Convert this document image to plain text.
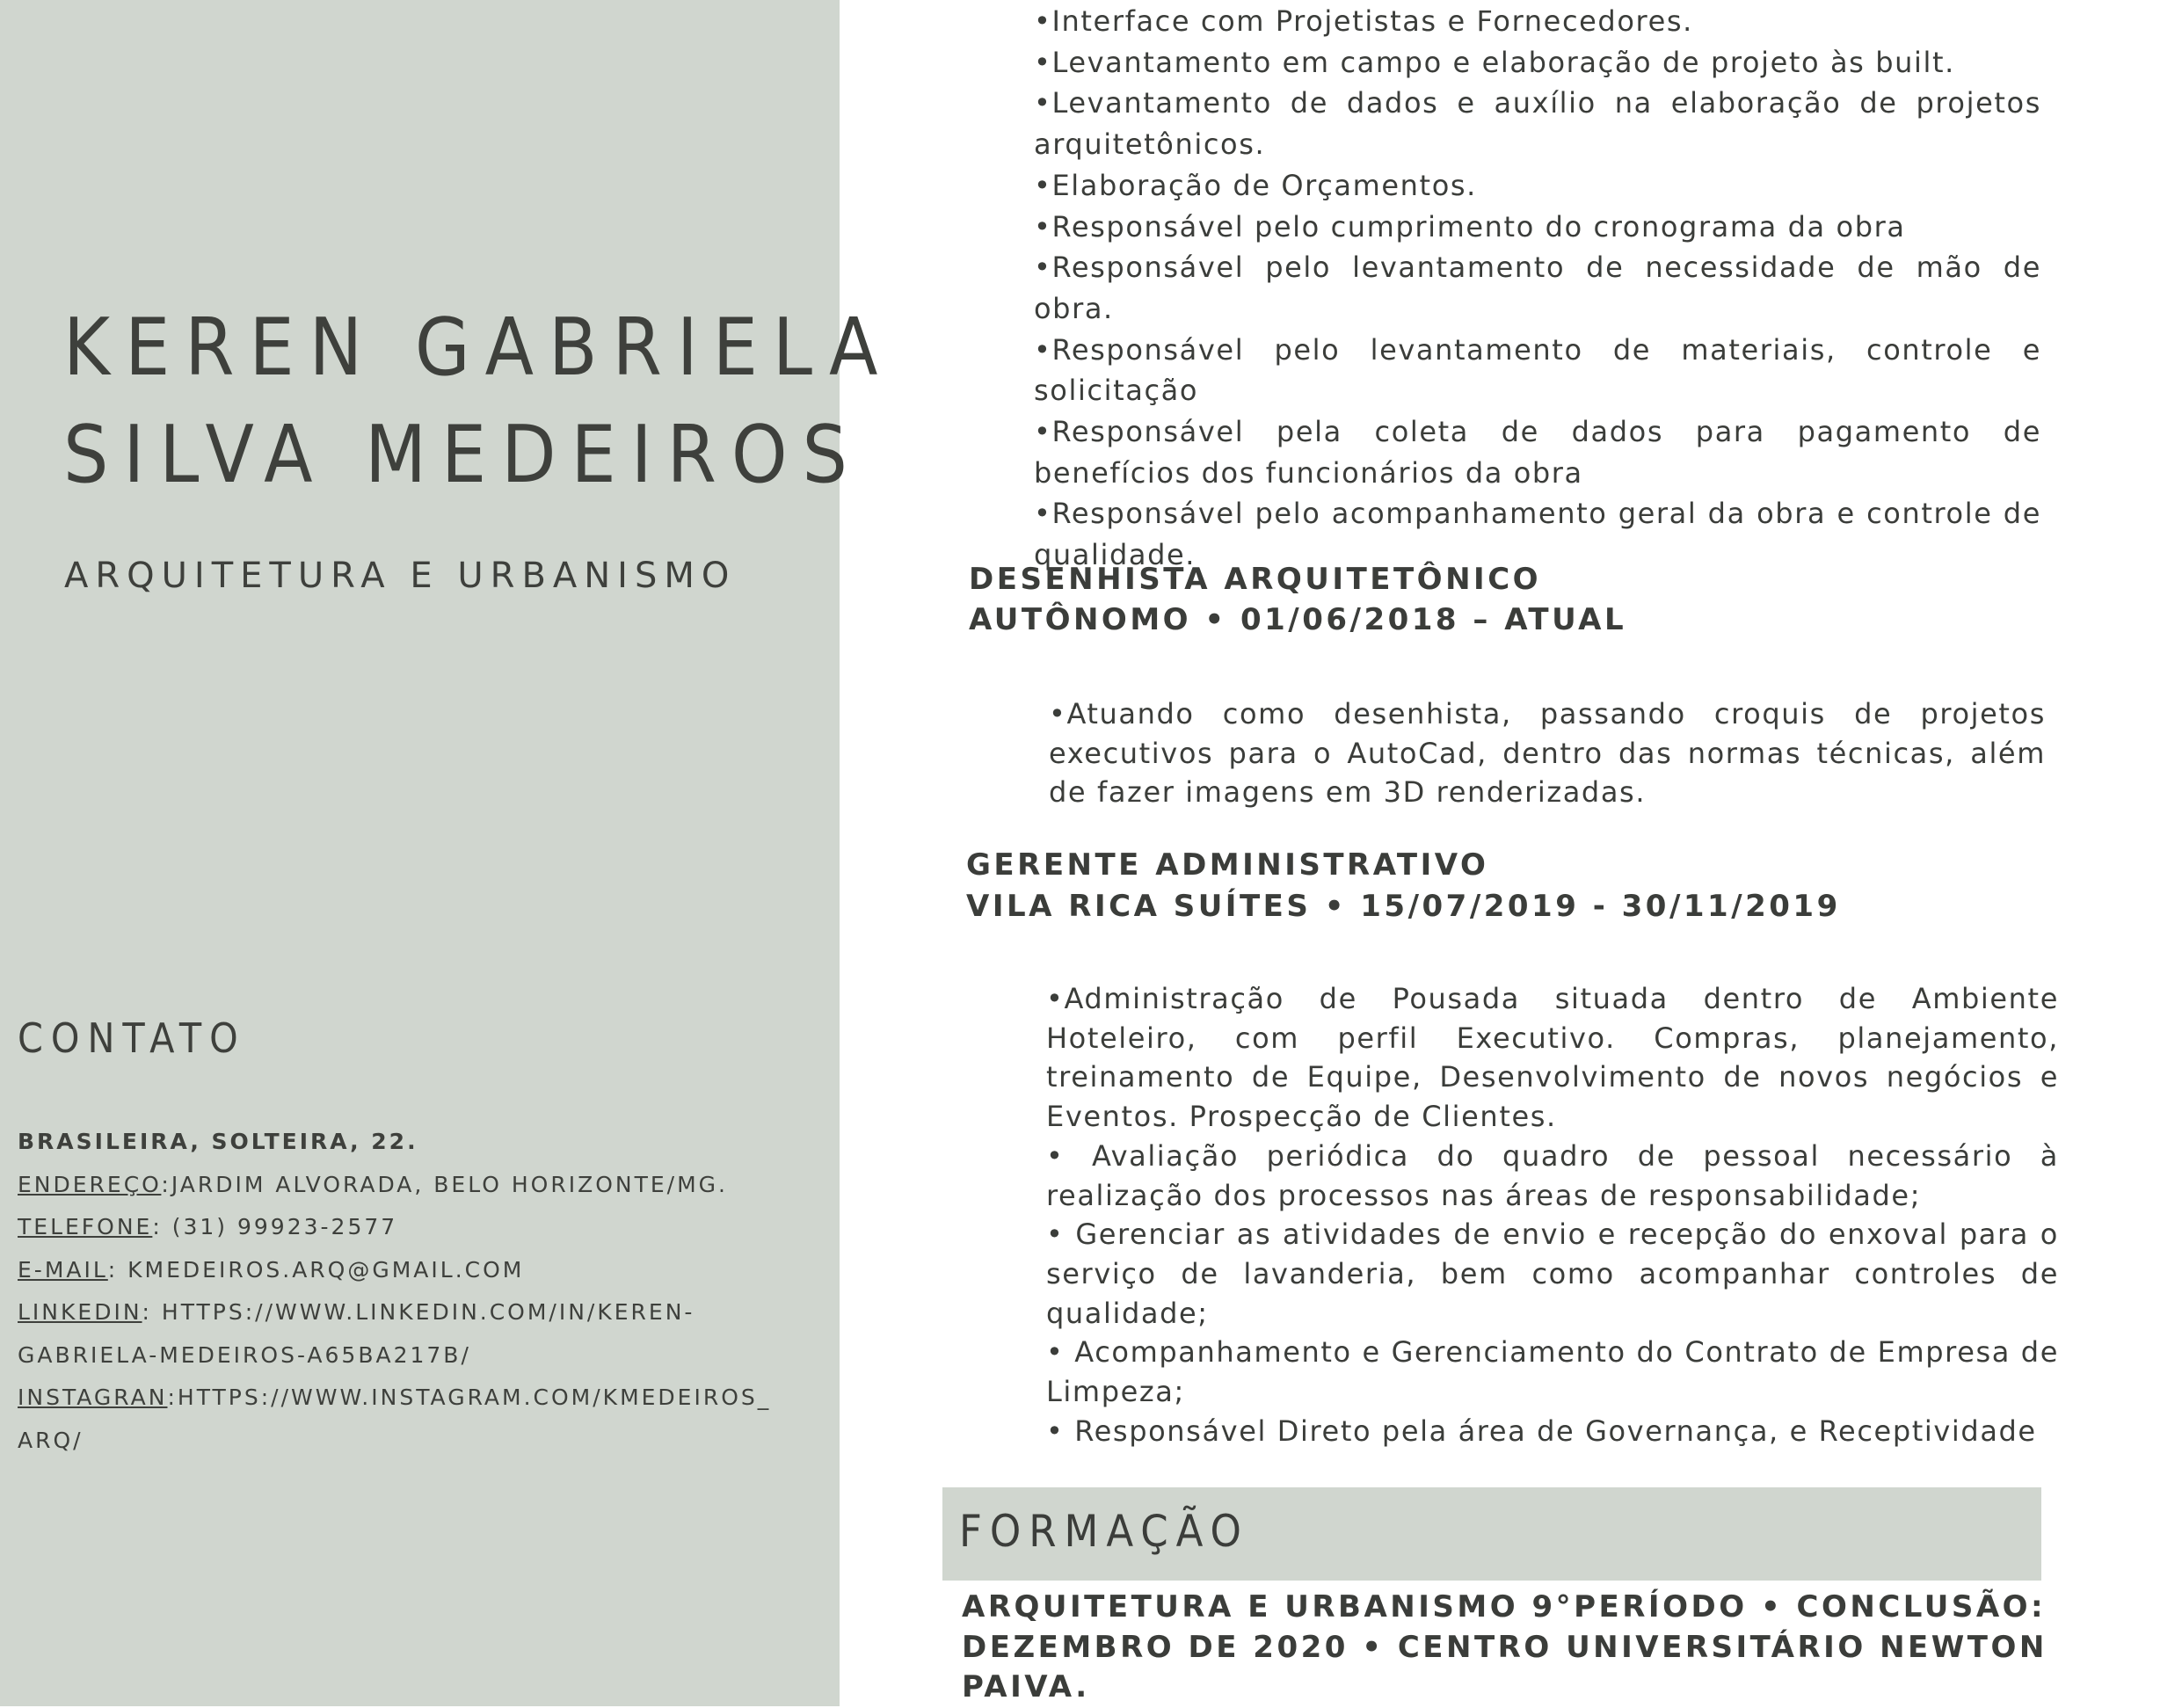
KEREN GABRIELA
SILVA MEDEIROS
ARQUITETURA E URBANISMO
CONTATO
BRASILEIRA, SOLTEIRA, 22.
ENDEREÇO:JARDIM ALVORADA, BELO HORIZONTE/MG.
TELEFONE: (31) 99923-2577
E-MAIL: KMEDEIROS.ARQ@GMAIL.COM
LINKEDIN: HTTPS://WWW.LINKEDIN.COM/IN/KEREN-
GABRIELA-MEDEIROS-A65BA217B/
INSTAGRAN:HTTPS://WWW.INSTAGRAM.COM/KMEDEIROS_
ARQ/

•Interface com Projetistas e Fornecedores.

•Levantamento em campo e elaboração de projeto às built.

•Levantamento de dados e auxílio na elaboração de projetos arquitetônicos.

•Elaboração de Orçamentos.

•Responsável pelo cumprimento do cronograma da obra

•Responsável pelo levantamento de necessidade de mão de obra.

•Responsável pelo levantamento de materiais, controle e solicitação

•Responsável pela coleta de dados para pagamento de benefícios dos funcionários da obra

•Responsável pelo acompanhamento geral da obra e controle de qualidade.

DESENHISTA ARQUITETÔNICO
AUTÔNOMO • 01/06/2018 – ATUAL

•Atuando como desenhista, passando croquis de projetos executivos para o AutoCad, dentro das normas técnicas, além de fazer imagens em 3D renderizadas.

GERENTE ADMINISTRATIVO
VILA RICA SUÍTES • 15/07/2019 - 30/11/2019

•Administração de Pousada situada dentro de Ambiente Hoteleiro, com perfil Executivo. Compras, planejamento, treinamento de Equipe, Desenvolvimento de novos negócios e Eventos. Prospecção de Clientes.

• Avaliação periódica do quadro de pessoal necessário à realização dos processos nas áreas de responsabilidade;

• Gerenciar as atividades de envio e recepção do enxoval para o serviço de lavanderia, bem como acompanhar controles de qualidade;

• Acompanhamento e Gerenciamento do Contrato de Empresa de Limpeza;

• Responsável Direto pela área de Governança, e Receptividade

FORMAÇÃO
ARQUITETURA E URBANISMO 9°PERÍODO • CONCLUSÃO:
DEZEMBRO DE 2020 • CENTRO UNIVERSITÁRIO NEWTON
PAIVA.
